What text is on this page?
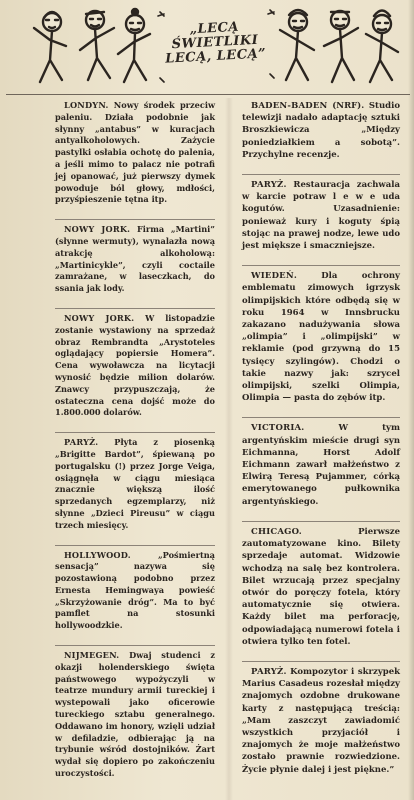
„LECĄ ŚWIETLIKI LECĄ, LECĄ”

LONDYN. Nowy środek przeciw paleniu. Działa podobnie jak słynny „antabus” w kuracjach antyalkoholowych. Zażycie pastylki osłabia ochotę do palenia, a jeśli mimo to palacz nie potrafi jej opanować, już pierwszy dymek powoduje ból głowy, mdłości, przyśpieszenie tętna itp.

NOWY JORK. Firma „Martini” (słynne wermuty), wynalazła nową atrakcję alkoholową: „Martinicykle”, czyli coctaile zamrażane, w laseczkach, do ssania jak lody.

NOWY JORK. W listopadzie zostanie wystawiony na sprzedaż obraz Rembrandta „Arystoteles oglądający popiersie Homera”. Cena wywoławcza na licytacji wynosić będzie milion dolarów. Znawcy przypuszczają, że ostateczna cena dojść może do 1.800.000 dolarów.

PARYŻ. Płyta z piosenką „Brigitte Bardot”, śpiewaną po portugalsku (!) przez Jorge Veiga, osiągnęła w ciągu miesiąca znacznie większą ilość sprzedanych egzemplarzy, niż słynne „Dzieci Pireusu” w ciągu trzech miesięcy.

HOLLYWOOD.	„Pośmiertną sensacją” nazywa się pozostawioną podobno przez Ernesta Hemingwaya powieść „Skrzyżowanie dróg”. Ma to być pamflet na stosunki hollywoodzkie.

NIJMEGEN. Dwaj studenci z okazji holenderskiego święta państwowego wypożyczyli w teatrze mundury armii tureckiej i wystepowali jako oficerowie tureckiego sztabu generalnego. Oddawano im honory, wzięli udział w defiladzie, odbierając ją na trybunie wśród dostojników. Żart wydał się dopiero po zakończeniu uroczystości.

BADEN-BADEN (NRF). Studio telewizji nadało adaptację sztuki Broszkiewicza „Między poniedziałkiem a sobotą”. Przychylne recenzje.

PARYŻ. Restauracja zachwala w karcie potraw l e w e uda kogutów. Uzasadnienie: ponieważ kury i koguty śpią stojąc na prawej nodze, lewe udo jest miększe i smaczniejsze.

WIEDEŃ.	Dla ochrony emblematu zimowych igrzysk olimpijskich które odbędą się w roku 1964 w Innsbrucku zakazano nadużywania słowa „olimpia” i „olimpijski” w reklamie (pod grzywną do 15 tysięcy szylingów). Chodzi o takie nazwy jak: szrycel olimpijski, szelki Olimpia, Olimpia — pasta do zębów itp.

VICTORIA.	W tym argentyńskim mieście drugi syn Eichmanna, Horst Adolf Eichmann zawarł małżeństwo z Elwirą Teresą Pujammer, córką emerytowanego pułkownika argentyńskiego.

CHICAGO.	Pierwsze zautomatyzowane kino. Bilety sprzedaje automat. Widzowie wchodzą na salę bez kontrolera. Bilet wrzucają przez specjalny otwór do poręczy fotela, który automatycznie się otwiera. Każdy bilet ma perforację, odpowiadającą numerowi fotela i otwiera tylko ten fotel.

PARYŻ. Kompozytor i skrzypek Marius Casadeus rozesłał między znajomych ozdobne drukowane karty z następującą treścią: „Mam zaszczyt zawiadomić wszystkich przyjaciół i znajomych że moje małżeństwo zostało prawnie rozwiedzione. Życie płynie dalej i jest piękne.”
